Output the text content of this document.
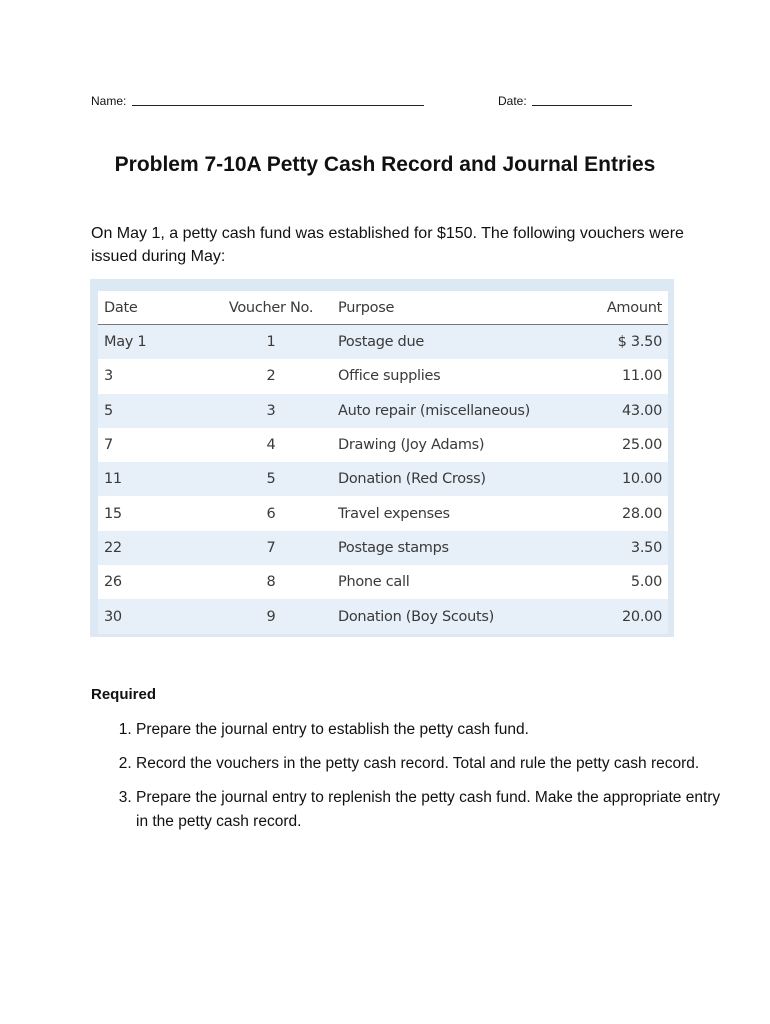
Name:	Date:
Problem 7-10A Petty Cash Record and Journal Entries
On May 1, a petty cash fund was established for $150. The following vouchers were issued during May:
Date	Voucher No.	Purpose	Amount
May 1	1	Postage due	$ 3.50
3	2	Office supplies	11.00
5	3	Auto repair (miscellaneous)	43.00
7	4	Drawing (Joy Adams)	25.00
11	5	Donation (Red Cross)	10.00
15	6	Travel expenses	28.00
22	7	Postage stamps	3.50
26	8	Phone call	5.00
30	9	Donation (Boy Scouts)	20.00
Required
1. Prepare the journal entry to establish the petty cash fund.
2. Record the vouchers in the petty cash record. Total and rule the petty cash record.
3. Prepare the journal entry to replenish the petty cash fund. Make the appropriate entry in the petty cash record.
